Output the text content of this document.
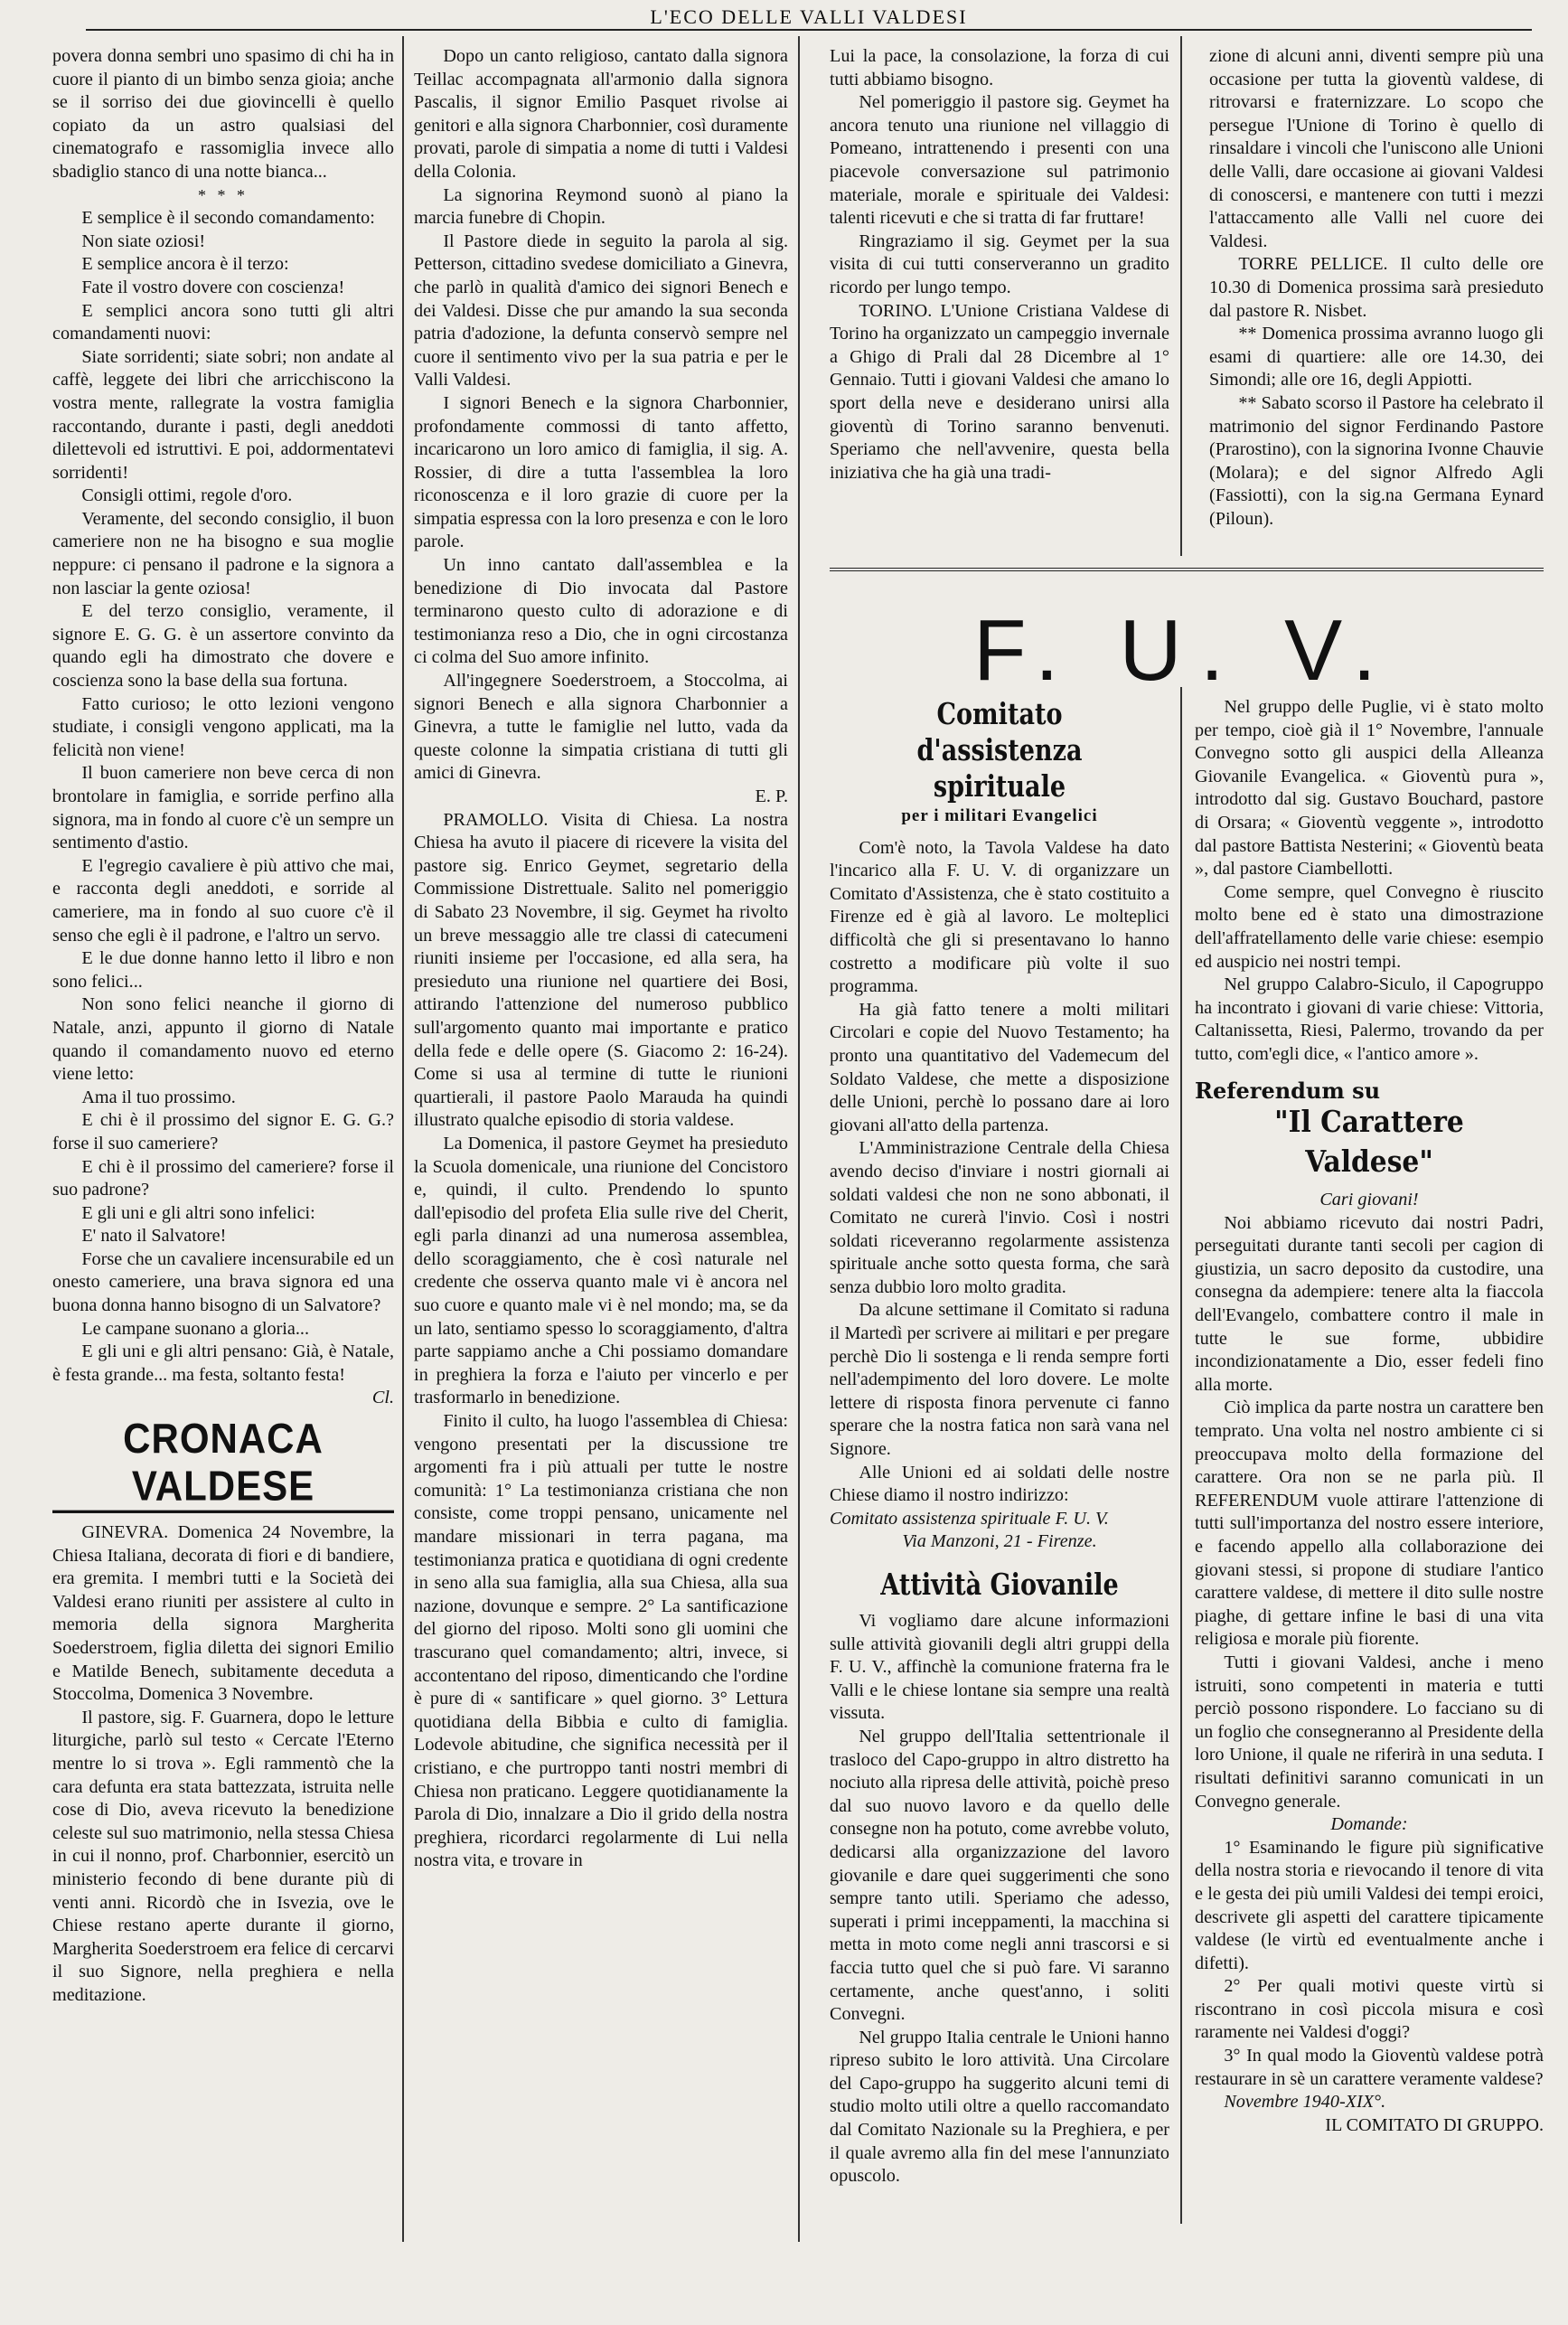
L'ECO DELLE VALLI VALDESI

povera donna sembri uno spasimo di chi ha in cuore il pianto di un bimbo senza gioia; anche se il sorriso dei due giovincelli è quello copiato da un astro qualsiasi del cinematografo e rassomiglia invece allo sbadiglio stanco di una notte bianca...

* * *

E semplice è il secondo comandamento:

Non siate oziosi!

E semplice ancora è il terzo:

Fate il vostro dovere con coscienza!

E semplici ancora sono tutti gli altri comandamenti nuovi:

Siate sorridenti; siate sobri; non andate al caffè, leggete dei libri che arricchiscono la vostra mente, rallegrate la vostra famiglia raccontando, durante i pasti, degli aneddoti dilettevoli ed istruttivi. E poi, addormentatevi sorridenti!

Consigli ottimi, regole d'oro.

Veramente, del secondo consiglio, il buon cameriere non ne ha bisogno e sua moglie neppure: ci pensano il padrone e la signora a non lasciar la gente oziosa!

E del terzo consiglio, veramente, il signore E. G. G. è un assertore convinto da quando egli ha dimostrato che dovere e coscienza sono la base della sua fortuna.

Fatto curioso; le otto lezioni vengono studiate, i consigli vengono applicati, ma la felicità non viene!

Il buon cameriere non beve cerca di non brontolare in famiglia, e sorride perfino alla signora, ma in fondo al cuore c'è un sempre un sentimento d'astio.

E l'egregio cavaliere è più attivo che mai, e racconta degli aneddoti, e sorride al cameriere, ma in fondo al suo cuore c'è il senso che egli è il padrone, e l'altro un servo.

E le due donne hanno letto il libro e non sono felici...

Non sono felici neanche il giorno di Natale, anzi, appunto il giorno di Natale quando il comandamento nuovo ed eterno viene letto:

Ama il tuo prossimo.

E chi è il prossimo del signor E. G. G.? forse il suo cameriere?

E chi è il prossimo del cameriere? forse il suo padrone?

E gli uni e gli altri sono infelici:

E' nato il Salvatore!

Forse che un cavaliere incensurabile ed un onesto cameriere, una brava signora ed una buona donna hanno bisogno di un Salvatore?

Le campane suonano a gloria...

E gli uni e gli altri pensano: Già, è Natale, è festa grande... ma festa, soltanto festa!

Cl.
CRONACA VALDESE

GINEVRA. Domenica 24 Novembre, la Chiesa Italiana, decorata di fiori e di bandiere, era gremita. I membri tutti e la Società dei Valdesi erano riuniti per assistere al culto in memoria della signora Margherita Soederstroem, figlia diletta dei signori Emilio e Matilde Benech, subitamente deceduta a Stoccolma, Domenica 3 Novembre.

Il pastore, sig. F. Guarnera, dopo le letture liturgiche, parlò sul testo « Cercate l'Eterno mentre lo si trova ». Egli rammentò che la cara defunta era stata battezzata, istruita nelle cose di Dio, aveva ricevuto la benedizione celeste sul suo matrimonio, nella stessa Chiesa in cui il nonno, prof. Charbonnier, esercitò un ministerio fecondo di bene durante più di venti anni. Ricordò che in Isvezia, ove le Chiese restano aperte durante il giorno, Margherita Soederstroem era felice di cercarvi il suo Signore, nella preghiera e nella meditazione.

Dopo un canto religioso, cantato dalla signora Teillac accompagnata all'armonio dalla signora Pascalis, il signor Emilio Pasquet rivolse ai genitori e alla signora Charbonnier, così duramente provati, parole di simpatia a nome di tutti i Valdesi della Colonia.

La signorina Reymond suonò al piano la marcia funebre di Chopin.

Il Pastore diede in seguito la parola al sig. Petterson, cittadino svedese domiciliato a Ginevra, che parlò in qualità d'amico dei signori Benech e dei Valdesi. Disse che pur amando la sua seconda patria d'adozione, la defunta conservò sempre nel cuore il sentimento vivo per la sua patria e per le Valli Valdesi.

I signori Benech e la signora Charbonnier, profondamente commossi di tanto affetto, incaricarono un loro amico di famiglia, il sig. A. Rossier, di dire a tutta l'assemblea la loro riconoscenza e il loro grazie di cuore per la simpatia espressa con la loro presenza e con le loro parole.

Un inno cantato dall'assemblea e la benedizione di Dio invocata dal Pastore terminarono questo culto di adorazione e di testimonianza reso a Dio, che in ogni circostanza ci colma del Suo amore infinito.

All'ingegnere Soederstroem, a Stoccolma, ai signori Benech e alla signora Charbonnier a Ginevra, a tutte le famiglie nel lutto, vada da queste colonne la simpatia cristiana di tutti gli amici di Ginevra.

E. P.

PRAMOLLO. Visita di Chiesa. La nostra Chiesa ha avuto il piacere di ricevere la visita del pastore sig. Enrico Geymet, segretario della Commissione Distrettuale. Salito nel pomeriggio di Sabato 23 Novembre, il sig. Geymet ha rivolto un breve messaggio alle tre classi di catecumeni riuniti insieme per l'occasione, ed alla sera, ha presieduto una riunione nel quartiere dei Bosi, attirando l'attenzione del numeroso pubblico sull'argomento quanto mai importante e pratico della fede e delle opere (S. Giacomo 2: 16-24). Come si usa al termine di tutte le riunioni quartierali, il pastore Paolo Marauda ha quindi illustrato qualche episodio di storia valdese.

La Domenica, il pastore Geymet ha presieduto la Scuola domenicale, una riunione del Concistoro e, quindi, il culto. Prendendo lo spunto dall'episodio del profeta Elia sulle rive del Cherit, egli parla dinanzi ad una numerosa assemblea, dello scoraggiamento, che è così naturale nel credente che osserva quanto male vi è ancora nel suo cuore e quanto male vi è nel mondo; ma, se da un lato, sentiamo spesso lo scoraggiamento, d'altra parte sappiamo anche a Chi possiamo domandare in preghiera la forza e l'aiuto per vincerlo e per trasformarlo in benedizione.

Finito il culto, ha luogo l'assemblea di Chiesa: vengono presentati per la discussione tre argomenti fra i più attuali per tutte le nostre comunità: 1° La testimonianza cristiana che non consiste, come troppi pensano, unicamente nel mandare missionari in terra pagana, ma testimonianza pratica e quotidiana di ogni credente in seno alla sua famiglia, alla sua Chiesa, alla sua nazione, dovunque e sempre. 2° La santificazione del giorno del riposo. Molti sono gli uomini che trascurano quel comandamento; altri, invece, si accontentano del riposo, dimenticando che l'ordine è pure di « santificare » quel giorno. 3° Lettura quotidiana della Bibbia e culto di famiglia. Lodevole abitudine, che significa necessità per il cristiano, e che purtroppo tanti nostri membri di Chiesa non praticano. Leggere quotidianamente la Parola di Dio, innalzare a Dio il grido della nostra preghiera, ricordarci regolarmente di Lui nella nostra vita, e trovare in

Lui la pace, la consolazione, la forza di cui tutti abbiamo bisogno.

Nel pomeriggio il pastore sig. Geymet ha ancora tenuto una riunione nel villaggio di Pomeano, intrattenendo i presenti con una piacevole conversazione sul patrimonio materiale, morale e spirituale dei Valdesi: talenti ricevuti e che si tratta di far fruttare!

Ringraziamo il sig. Geymet per la sua visita di cui tutti conserveranno un gradito ricordo per lungo tempo.

TORINO. L'Unione Cristiana Valdese di Torino ha organizzato un campeggio invernale a Ghigo di Prali dal 28 Dicembre al 1° Gennaio. Tutti i giovani Valdesi che amano lo sport della neve e desiderano unirsi alla gioventù di Torino saranno benvenuti. Speriamo che nell'avvenire, questa bella iniziativa che ha già una tradi-

zione di alcuni anni, diventi sempre più una occasione per tutta la gioventù valdese, di ritrovarsi e fraternizzare. Lo scopo che persegue l'Unione di Torino è quello di rinsaldare i vincoli che l'uniscono alle Unioni delle Valli, dare occasione ai giovani Valdesi di conoscersi, e mantenere con tutti i mezzi l'attaccamento alle Valli nel cuore dei Valdesi.

TORRE PELLICE. Il culto delle ore 10.30 di Domenica prossima sarà presieduto dal pastore R. Nisbet.

** Domenica prossima avranno luogo gli esami di quartiere: alle ore 14.30, dei Simondi; alle ore 16, degli Appiotti.

** Sabato scorso il Pastore ha celebrato il matrimonio del signor Ferdinando Pastore (Prarostino), con la signorina Ivonne Chauvie (Molara); e del signor Alfredo Agli (Fassiotti), con la sig.na Germana Eynard (Piloun).

F. U. V.
Comitato d'assistenza spirituale
per i militari Evangelici

Com'è noto, la Tavola Valdese ha dato l'incarico alla F. U. V. di organizzare un Comitato d'Assistenza, che è stato costituito a Firenze ed è già al lavoro. Le molteplici difficoltà che gli si presentavano lo hanno costretto a modificare più volte il suo programma.

Ha già fatto tenere a molti militari Circolari e copie del Nuovo Testamento; ha pronto una quantitativo del Vademecum del Soldato Valdese, che mette a disposizione delle Unioni, perchè lo possano dare ai loro giovani all'atto della partenza.

L'Amministrazione Centrale della Chiesa avendo deciso d'inviare i nostri giornali ai soldati valdesi che non ne sono abbonati, il Comitato ne curerà l'invio. Così i nostri soldati riceveranno regolarmente assistenza spirituale anche sotto questa forma, che sarà senza dubbio loro molto gradita.

Da alcune settimane il Comitato si raduna il Martedì per scrivere ai militari e per pregare perchè Dio li sostenga e li renda sempre forti nell'adempimento del loro dovere. Le molte lettere di risposta finora pervenute ci fanno sperare che la nostra fatica non sarà vana nel Signore.

Alle Unioni ed ai soldati delle nostre Chiese diamo il nostro indirizzo:

Comitato assistenza spirituale F. U. V.

Via Manzoni, 21 - Firenze.

Attività Giovanile

Vi vogliamo dare alcune informazioni sulle attività giovanili degli altri gruppi della F. U. V., affinchè la comunione fraterna fra le Valli e le chiese lontane sia sempre una realtà vissuta.

Nel gruppo dell'Italia settentrionale il trasloco del Capo-gruppo in altro distretto ha nociuto alla ripresa delle attività, poichè preso dal suo nuovo lavoro e da quello delle consegne non ha potuto, come avrebbe voluto, dedicarsi alla organizzazione del lavoro giovanile e dare quei suggerimenti che sono sempre tanto utili. Speriamo che adesso, superati i primi inceppamenti, la macchina si metta in moto come negli anni trascorsi e si faccia tutto quel che si può fare. Vi saranno certamente, anche quest'anno, i soliti Convegni.

Nel gruppo Italia centrale le Unioni hanno ripreso subito le loro attività. Una Circolare del Capo-gruppo ha suggerito alcuni temi di studio molto utili oltre a quello raccomandato dal Comitato Nazionale su la Preghiera, e per il quale avremo alla fin del mese l'annunziato opuscolo.

Nel gruppo delle Puglie, vi è stato molto per tempo, cioè già il 1° Novembre, l'annuale Convegno sotto gli auspici della Alleanza Giovanile Evangelica. « Gioventù pura », introdotto dal sig. Gustavo Bouchard, pastore di Orsara; « Gioventù veggente », introdotto dal pastore Battista Nesterini; « Gioventù beata », dal pastore Ciambellotti.

Come sempre, quel Convegno è riuscito molto bene ed è stato una dimostrazione dell'affratellamento delle varie chiese: esempio ed auspicio nei nostri tempi.

Nel gruppo Calabro-Siculo, il Capogruppo ha incontrato i giovani di varie chiese: Vittoria, Caltanissetta, Riesi, Palermo, trovando da per tutto, com'egli dice, « l'antico amore ».

Referendum su
"Il Carattere Valdese"

Cari giovani!

Noi abbiamo ricevuto dai nostri Padri, perseguitati durante tanti secoli per cagion di giustizia, un sacro deposito da custodire, una consegna da adempiere: tenere alta la fiaccola dell'Evangelo, combattere contro il male in tutte le sue forme, ubbidire incondizionatamente a Dio, esser fedeli fino alla morte.

Ciò implica da parte nostra un carattere ben temprato. Una volta nel nostro ambiente ci si preoccupava molto della formazione del carattere. Ora non se ne parla più. Il REFERENDUM vuole attirare l'attenzione di tutti sull'importanza del nostro essere interiore, e facendo appello alla collaborazione dei giovani stessi, si propone di studiare l'antico carattere valdese, di mettere il dito sulle nostre piaghe, di gettare infine le basi di una vita religiosa e morale più fiorente.

Tutti i giovani Valdesi, anche i meno istruiti, sono competenti in materia e tutti perciò possono rispondere. Lo facciano su di un foglio che consegneranno al Presidente della loro Unione, il quale ne riferirà in una seduta. I risultati definitivi saranno comunicati in un Convegno generale.

Domande:

1° Esaminando le figure più significative della nostra storia e rievocando il tenore di vita e le gesta dei più umili Valdesi dei tempi eroici, descrivete gli aspetti del carattere tipicamente valdese (le virtù ed eventualmente anche i difetti).

2° Per quali motivi queste virtù si riscontrano in così piccola misura e così raramente nei Valdesi d'oggi?

3° In qual modo la Gioventù valdese potrà restaurare in sè un carattere veramente valdese?

Novembre 1940-XIX°.

IL COMITATO DI GRUPPO.
